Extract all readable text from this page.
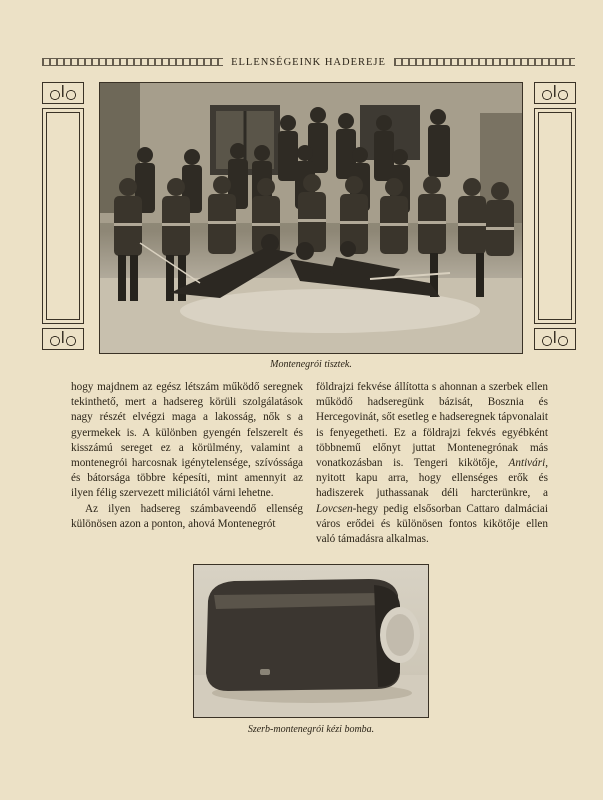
ELLENSÉGEINK HADEREJE
Montenegrói tisztek.

hogy majdnem az egész létszám működő seregnek tekinthető, mert a hadsereg körüli szolgálatások nagy részét elvégzi maga a lakosság, nők s a gyermekek is. A különben gyengén felszerelt és kisszámú sereget ez a körülmény, valamint a montenegrói harcosnak igénytelensége, szívóssága és bátorsága többre képesíti, mint amennyit az ilyen félig szervezett miliciától várni lehetne.

Az ilyen hadsereg számbaveendő ellenség különösen azon a ponton, ahová Montenegrót

földrajzi fekvése állította s ahonnan a szerbek ellen működő hadseregünk bázisát, Bosznia és Hercegovinát, sőt esetleg e hadseregnek tápvonalait is fenyegetheti. Ez a földrajzi fekvés egyébként többnemű előnyt juttat Montenegrónak más vonatkozásban is. Tengeri kikötője, Antivári, nyitott kapu arra, hogy ellenséges erők és hadiszerek juthassanak déli harcterünkre, a Lovcsen-hegy pedig elsősorban Cattaro dalmáciai város erődei és különösen fontos kikötője ellen való támadásra alkalmas.

Szerb-montenegrói kézi bomba.
